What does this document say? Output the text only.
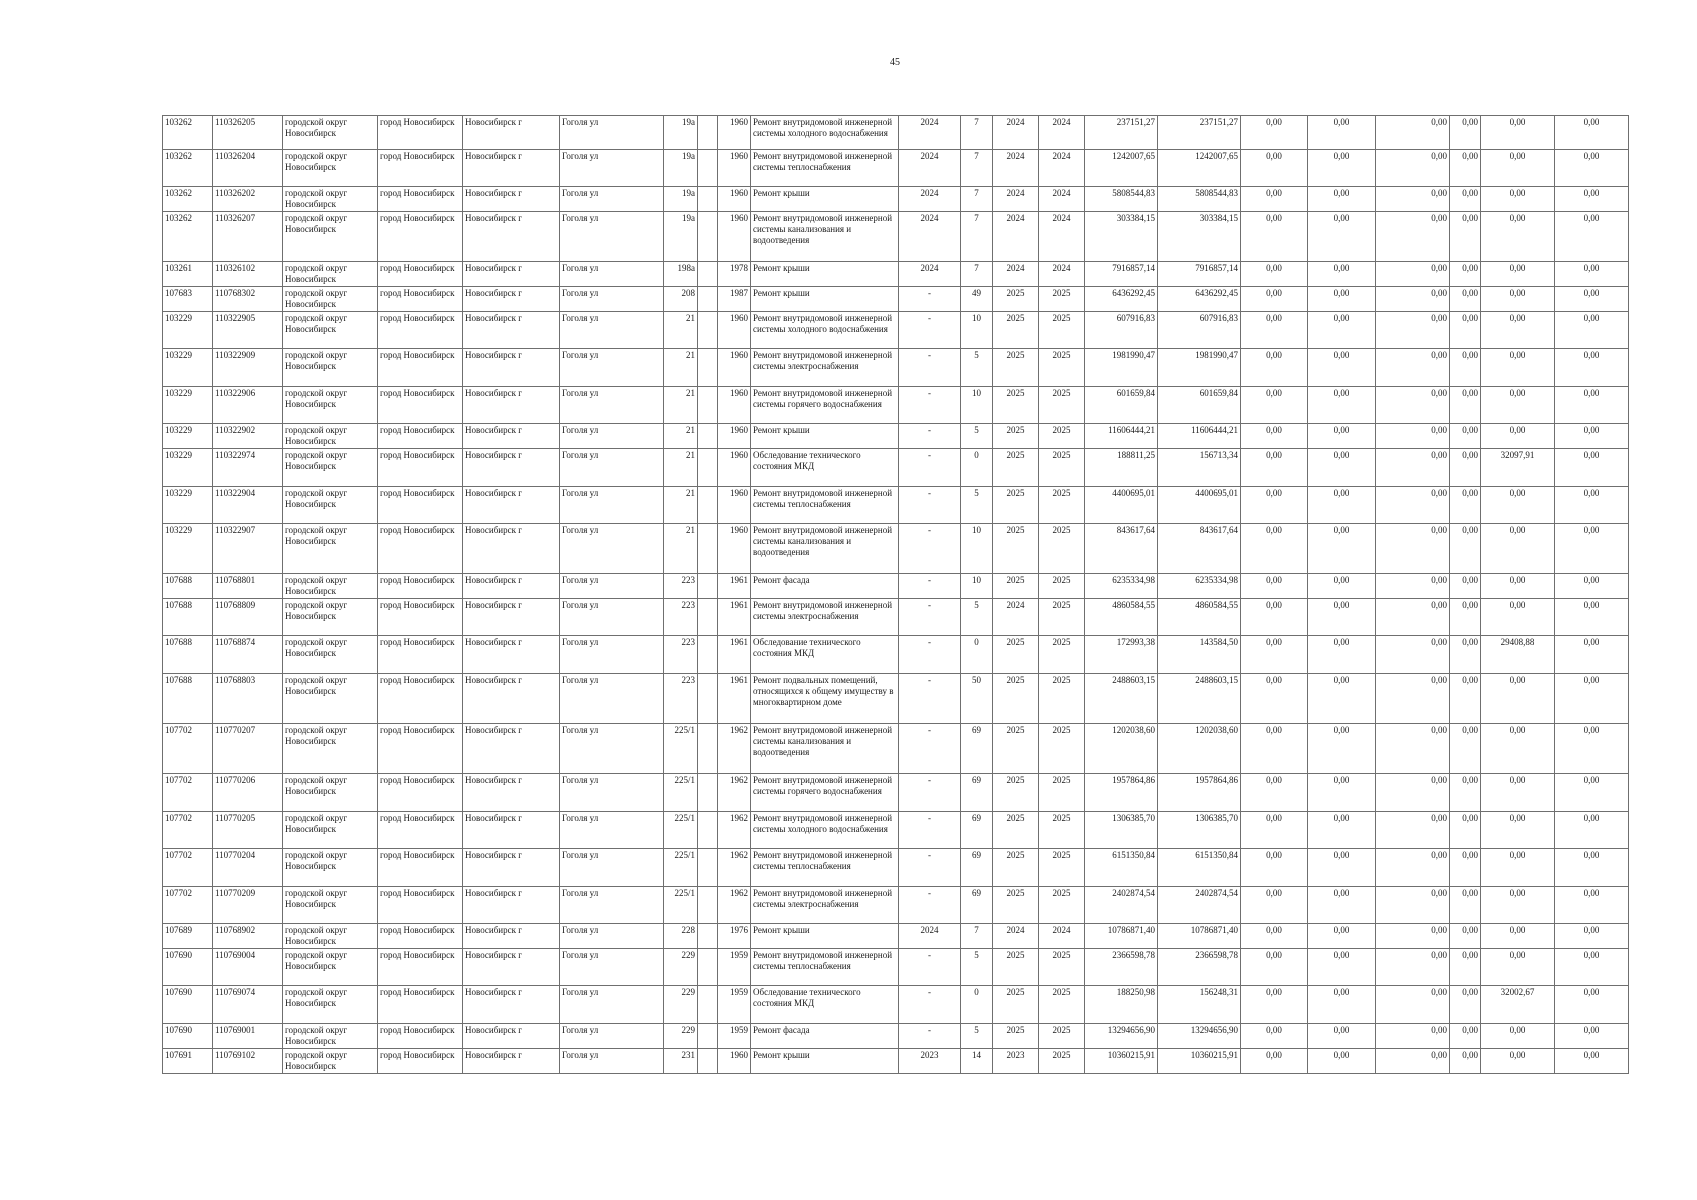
45
103262	110326205	городской округ Новосибирск	город Новосибирск	Новосибирск г	Гоголя ул	19а		1960	Ремонт внутридомовой инженерной системы холодного водоснабжения	2024	7	2024	2024	237151,27	237151,27	0,00	0,00	0,00	0,00	0,00	0,00
103262	110326204	городской округ Новосибирск	город Новосибирск	Новосибирск г	Гоголя ул	19а		1960	Ремонт внутридомовой инженерной системы теплоснабжения	2024	7	2024	2024	1242007,65	1242007,65	0,00	0,00	0,00	0,00	0,00	0,00
103262	110326202	городской округ Новосибирск	город Новосибирск	Новосибирск г	Гоголя ул	19а		1960	Ремонт крыши	2024	7	2024	2024	5808544,83	5808544,83	0,00	0,00	0,00	0,00	0,00	0,00
103262	110326207	городской округ Новосибирск	город Новосибирск	Новосибирск г	Гоголя ул	19а		1960	Ремонт внутридомовой инженерной системы канализования и водоотведения	2024	7	2024	2024	303384,15	303384,15	0,00	0,00	0,00	0,00	0,00	0,00
103261	110326102	городской округ Новосибирск	город Новосибирск	Новосибирск г	Гоголя ул	198а		1978	Ремонт крыши	2024	7	2024	2024	7916857,14	7916857,14	0,00	0,00	0,00	0,00	0,00	0,00
107683	110768302	городской округ Новосибирск	город Новосибирск	Новосибирск г	Гоголя ул	208		1987	Ремонт крыши	-	49	2025	2025	6436292,45	6436292,45	0,00	0,00	0,00	0,00	0,00	0,00
103229	110322905	городской округ Новосибирск	город Новосибирск	Новосибирск г	Гоголя ул	21		1960	Ремонт внутридомовой инженерной системы холодного водоснабжения	-	10	2025	2025	607916,83	607916,83	0,00	0,00	0,00	0,00	0,00	0,00
103229	110322909	городской округ Новосибирск	город Новосибирск	Новосибирск г	Гоголя ул	21		1960	Ремонт внутридомовой инженерной системы электроснабжения	-	5	2025	2025	1981990,47	1981990,47	0,00	0,00	0,00	0,00	0,00	0,00
103229	110322906	городской округ Новосибирск	город Новосибирск	Новосибирск г	Гоголя ул	21		1960	Ремонт внутридомовой инженерной системы горячего водоснабжения	-	10	2025	2025	601659,84	601659,84	0,00	0,00	0,00	0,00	0,00	0,00
103229	110322902	городской округ Новосибирск	город Новосибирск	Новосибирск г	Гоголя ул	21		1960	Ремонт крыши	-	5	2025	2025	11606444,21	11606444,21	0,00	0,00	0,00	0,00	0,00	0,00
103229	110322974	городской округ Новосибирск	город Новосибирск	Новосибирск г	Гоголя ул	21		1960	Обследование технического состояния МКД	-	0	2025	2025	188811,25	156713,34	0,00	0,00	0,00	0,00	32097,91	0,00
103229	110322904	городской округ Новосибирск	город Новосибирск	Новосибирск г	Гоголя ул	21		1960	Ремонт внутридомовой инженерной системы теплоснабжения	-	5	2025	2025	4400695,01	4400695,01	0,00	0,00	0,00	0,00	0,00	0,00
103229	110322907	городской округ Новосибирск	город Новосибирск	Новосибирск г	Гоголя ул	21		1960	Ремонт внутридомовой инженерной системы канализования и водоотведения	-	10	2025	2025	843617,64	843617,64	0,00	0,00	0,00	0,00	0,00	0,00
107688	110768801	городской округ Новосибирск	город Новосибирск	Новосибирск г	Гоголя ул	223		1961	Ремонт фасада	-	10	2025	2025	6235334,98	6235334,98	0,00	0,00	0,00	0,00	0,00	0,00
107688	110768809	городской округ Новосибирск	город Новосибирск	Новосибирск г	Гоголя ул	223		1961	Ремонт внутридомовой инженерной системы электроснабжения	-	5	2024	2025	4860584,55	4860584,55	0,00	0,00	0,00	0,00	0,00	0,00
107688	110768874	городской округ Новосибирск	город Новосибирск	Новосибирск г	Гоголя ул	223		1961	Обследование технического состояния МКД	-	0	2025	2025	172993,38	143584,50	0,00	0,00	0,00	0,00	29408,88	0,00
107688	110768803	городской округ Новосибирск	город Новосибирск	Новосибирск г	Гоголя ул	223		1961	Ремонт подвальных помещений, относящихся к общему имуществу в многоквартирном доме	-	50	2025	2025	2488603,15	2488603,15	0,00	0,00	0,00	0,00	0,00	0,00
107702	110770207	городской округ Новосибирск	город Новосибирск	Новосибирск г	Гоголя ул	225/1		1962	Ремонт внутридомовой инженерной системы канализования и водоотведения	-	69	2025	2025	1202038,60	1202038,60	0,00	0,00	0,00	0,00	0,00	0,00
107702	110770206	городской округ Новосибирск	город Новосибирск	Новосибирск г	Гоголя ул	225/1		1962	Ремонт внутридомовой инженерной системы горячего водоснабжения	-	69	2025	2025	1957864,86	1957864,86	0,00	0,00	0,00	0,00	0,00	0,00
107702	110770205	городской округ Новосибирск	город Новосибирск	Новосибирск г	Гоголя ул	225/1		1962	Ремонт внутридомовой инженерной системы холодного водоснабжения	-	69	2025	2025	1306385,70	1306385,70	0,00	0,00	0,00	0,00	0,00	0,00
107702	110770204	городской округ Новосибирск	город Новосибирск	Новосибирск г	Гоголя ул	225/1		1962	Ремонт внутридомовой инженерной системы теплоснабжения	-	69	2025	2025	6151350,84	6151350,84	0,00	0,00	0,00	0,00	0,00	0,00
107702	110770209	городской округ Новосибирск	город Новосибирск	Новосибирск г	Гоголя ул	225/1		1962	Ремонт внутридомовой инженерной системы электроснабжения	-	69	2025	2025	2402874,54	2402874,54	0,00	0,00	0,00	0,00	0,00	0,00
107689	110768902	городской округ Новосибирск	город Новосибирск	Новосибирск г	Гоголя ул	228		1976	Ремонт крыши	2024	7	2024	2024	10786871,40	10786871,40	0,00	0,00	0,00	0,00	0,00	0,00
107690	110769004	городской округ Новосибирск	город Новосибирск	Новосибирск г	Гоголя ул	229		1959	Ремонт внутридомовой инженерной системы теплоснабжения	-	5	2025	2025	2366598,78	2366598,78	0,00	0,00	0,00	0,00	0,00	0,00
107690	110769074	городской округ Новосибирск	город Новосибирск	Новосибирск г	Гоголя ул	229		1959	Обследование технического состояния МКД	-	0	2025	2025	188250,98	156248,31	0,00	0,00	0,00	0,00	32002,67	0,00
107690	110769001	городской округ Новосибирск	город Новосибирск	Новосибирск г	Гоголя ул	229		1959	Ремонт фасада	-	5	2025	2025	13294656,90	13294656,90	0,00	0,00	0,00	0,00	0,00	0,00
107691	110769102	городской округ Новосибирск	город Новосибирск	Новосибирск г	Гоголя ул	231		1960	Ремонт крыши	2023	14	2023	2025	10360215,91	10360215,91	0,00	0,00	0,00	0,00	0,00	0,00
